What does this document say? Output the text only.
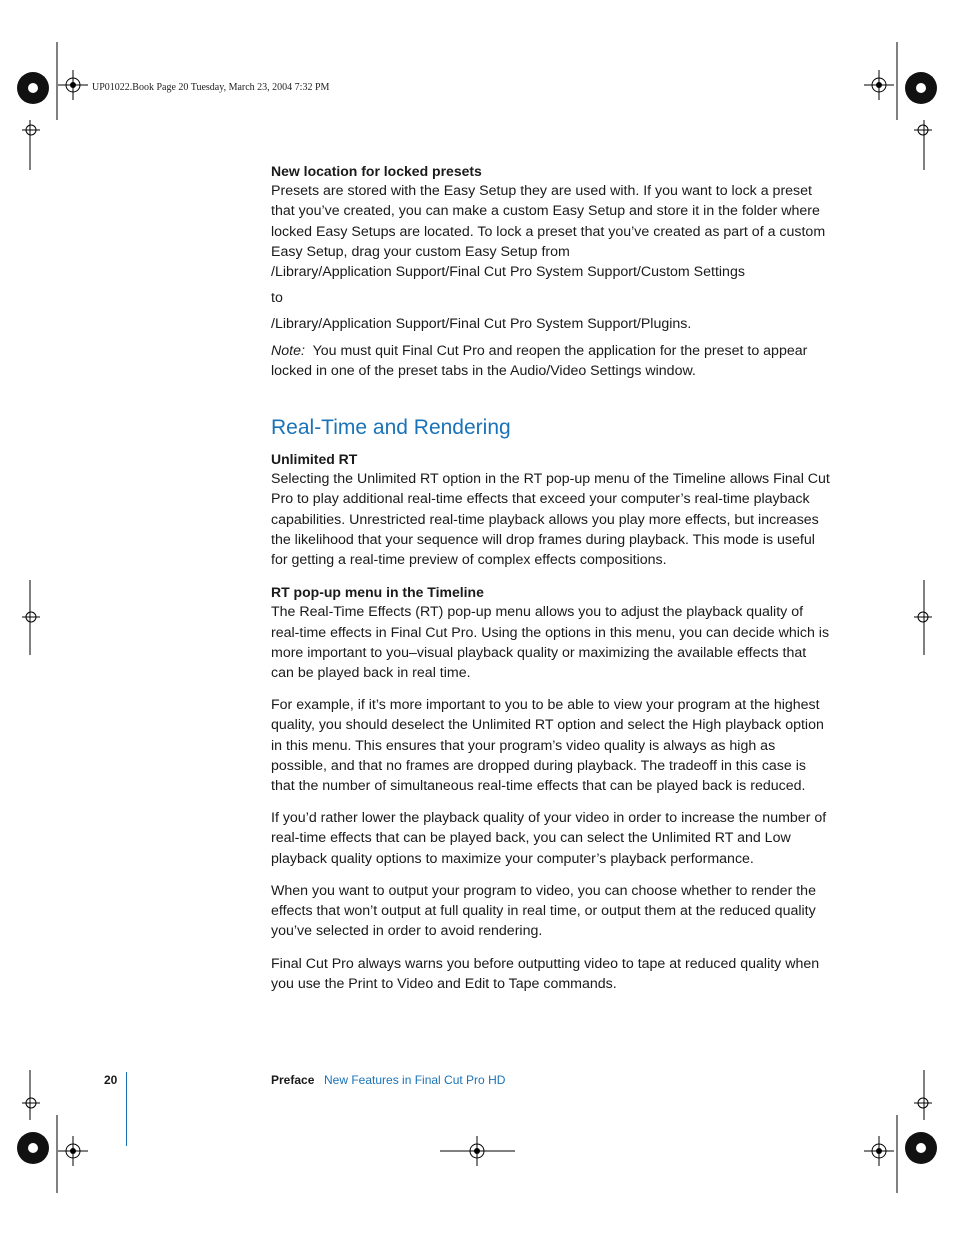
UP01022.Book Page 20 Tuesday, March 23, 2004 7:32 PM

New location for locked presets

Presets are stored with the Easy Setup they are used with. If you want to lock a preset that you’ve created, you can make a custom Easy Setup and store it in the folder where locked Easy Setups are located. To lock a preset that you’ve created as part of a custom Easy Setup, drag your custom Easy Setup from

/Library/Application Support/Final Cut Pro System Support/Custom Settings

to

/Library/Application Support/Final Cut Pro System Support/Plugins.

Note: You must quit Final Cut Pro and reopen the application for the preset to appear locked in one of the preset tabs in the Audio/Video Settings window.

Real-Time and Rendering

Unlimited RT

Selecting the Unlimited RT option in the RT pop-up menu of the Timeline allows Final Cut Pro to play additional real-time effects that exceed your computer’s real-time playback capabilities. Unrestricted real-time playback allows you play more effects, but increases the likelihood that your sequence will drop frames during playback. This mode is useful for getting a real-time preview of complex effects compositions.

RT pop-up menu in the Timeline

The Real-Time Effects (RT) pop-up menu allows you to adjust the playback quality of real-time effects in Final Cut Pro. Using the options in this menu, you can decide which is more important to you–visual playback quality or maximizing the available effects that can be played back in real time.

For example, if it’s more important to you to be able to view your program at the highest quality, you should deselect the Unlimited RT option and select the High playback option in this menu. This ensures that your program’s video quality is always as high as possible, and that no frames are dropped during playback. The tradeoff in this case is that the number of simultaneous real-time effects that can be played back is reduced.

If you’d rather lower the playback quality of your video in order to increase the number of real-time effects that can be played back, you can select the Unlimited RT and Low playback quality options to maximize your computer’s playback performance.

When you want to output your program to video, you can choose whether to render the effects that won’t output at full quality in real time, or output them at the reduced quality you’ve selected in order to avoid rendering.

Final Cut Pro always warns you before outputting video to tape at reduced quality when you use the Print to Video and Edit to Tape commands.

20	Preface New Features in Final Cut Pro HD
